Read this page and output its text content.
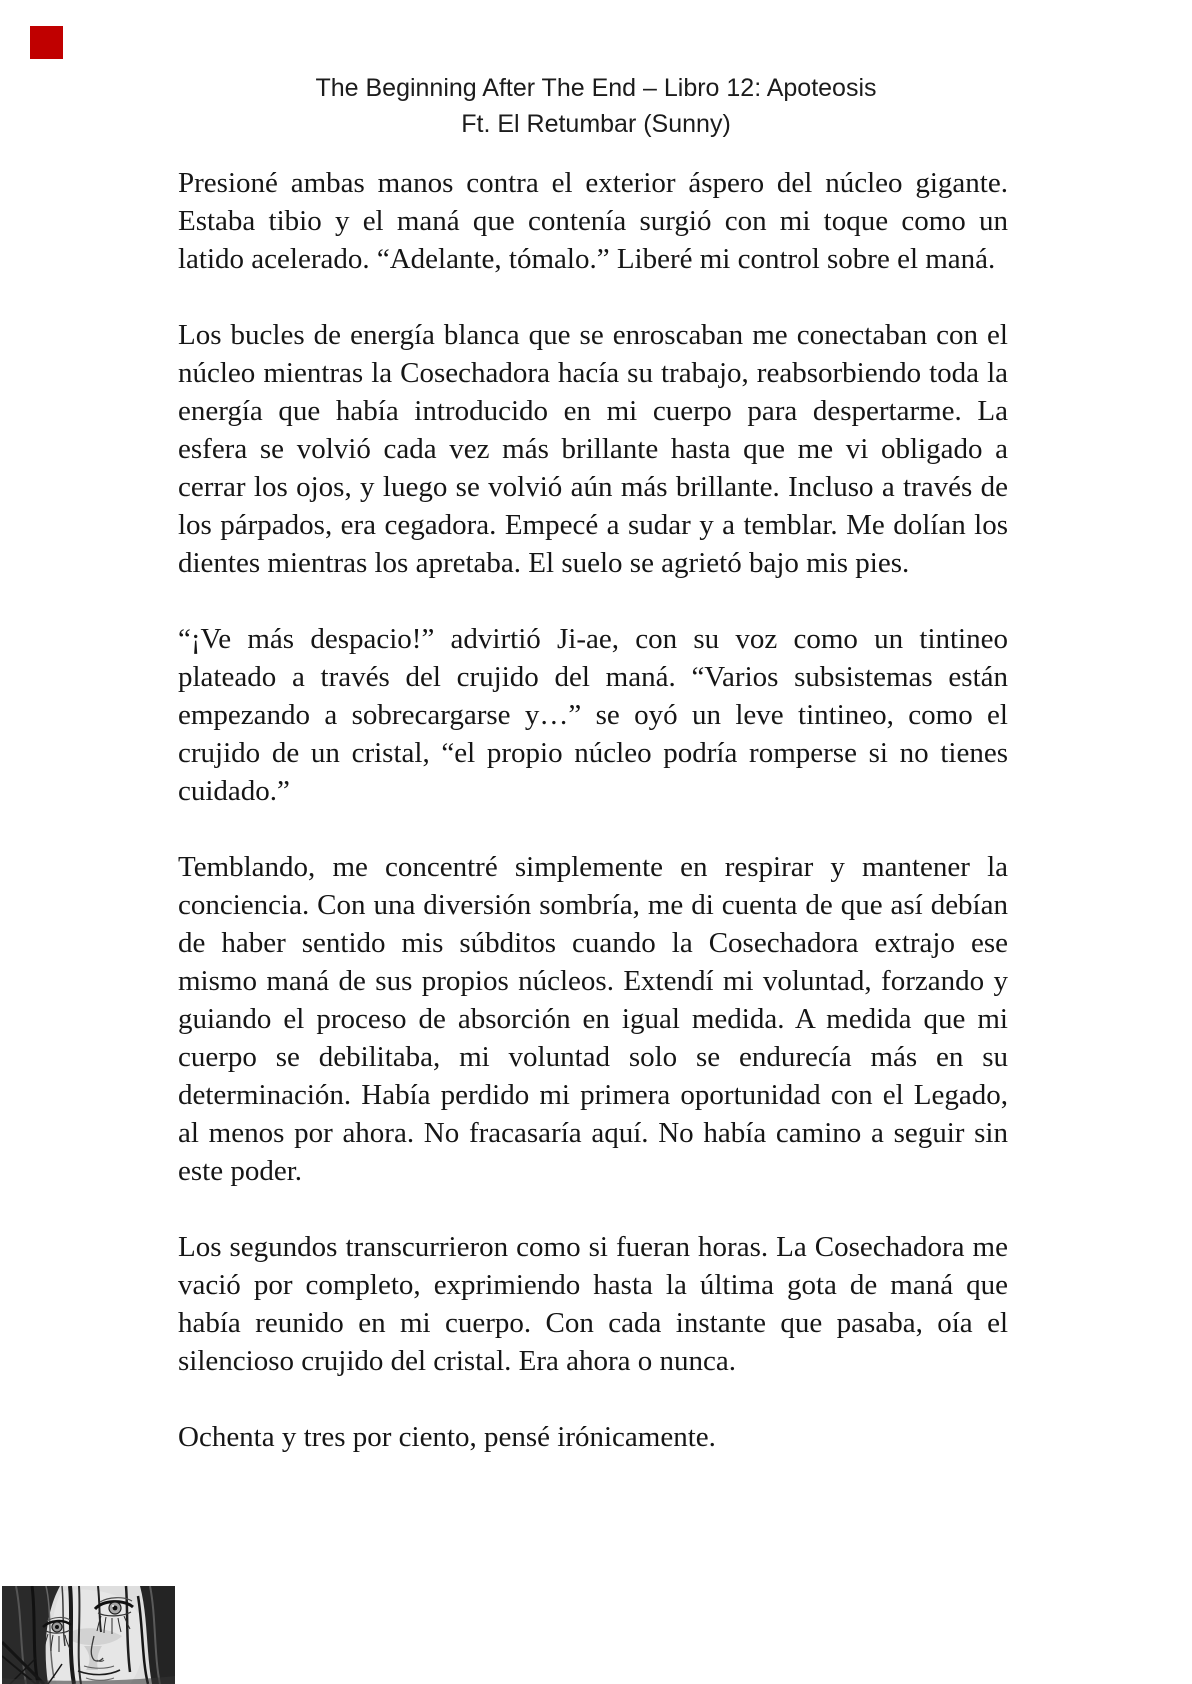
The Beginning After The End – Libro 12: Apoteosis
Ft. El Retumbar (Sunny)

Presioné ambas manos contra el exterior áspero del núcleo gigante. Estaba tibio y el maná que contenía surgió con mi toque como un latido acelerado. “Adelante, tómalo.” Liberé mi control sobre el maná.

Los bucles de energía blanca que se enroscaban me conectaban con el núcleo mientras la Cosechadora hacía su trabajo, reabsorbiendo toda la energía que había introducido en mi cuerpo para despertarme. La esfera se volvió cada vez más brillante hasta que me vi obligado a cerrar los ojos, y luego se volvió aún más brillante. Incluso a través de los párpados, era cegadora. Empecé a sudar y a temblar. Me dolían los dientes mientras los apretaba. El suelo se agrietó bajo mis pies.

“¡Ve más despacio!” advirtió Ji-ae, con su voz como un tintineo plateado a través del crujido del maná. “Varios subsistemas están empezando a sobrecargarse y…” se oyó un leve tintineo, como el crujido de un cristal, “el propio núcleo podría romperse si no tienes cuidado.”

Temblando, me concentré simplemente en respirar y mantener la conciencia. Con una diversión sombría, me di cuenta de que así debían de haber sentido mis súbditos cuando la Cosechadora extrajo ese mismo maná de sus propios núcleos. Extendí mi voluntad, forzando y guiando el proceso de absorción en igual medida. A medida que mi cuerpo se debilitaba, mi voluntad solo se endurecía más en su determinación. Había perdido mi primera oportunidad con el Legado, al menos por ahora. No fracasaría aquí. No había camino a seguir sin este poder.

Los segundos transcurrieron como si fueran horas. La Cosechadora me vació por completo, exprimiendo hasta la última gota de maná que había reunido en mi cuerpo. Con cada instante que pasaba, oía el silencioso crujido del cristal. Era ahora o nunca.

Ochenta y tres por ciento, pensé irónicamente.
